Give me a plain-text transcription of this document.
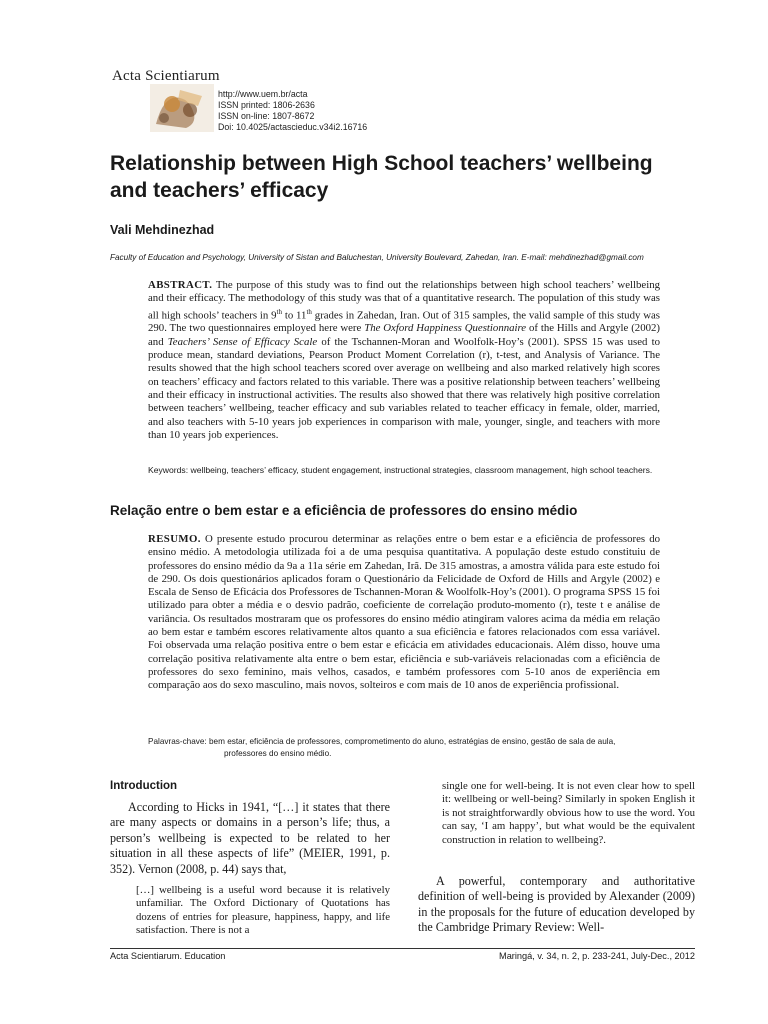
Acta Scientiarum
http://www.uem.br/acta
ISSN printed: 1806-2636
ISSN on-line: 1807-8672
Doi: 10.4025/actascieduc.v34i2.16716
Relationship between High School teachers’ wellbeing and teachers’ efficacy
Vali Mehdinezhad
Faculty of Education and Psychology, University of Sistan and Baluchestan, University Boulevard, Zahedan, Iran. E-mail: mehdinezhad@gmail.com
ABSTRACT. The purpose of this study was to find out the relationships between high school teachers’ wellbeing and their efficacy. The methodology of this study was that of a quantitative research. The population of this study was all high schools’ teachers in 9th to 11th grades in Zahedan, Iran. Out of 315 samples, the valid sample of this study was 290. The two questionnaires employed here were The Oxford Happiness Questionnaire of the Hills and Argyle (2002) and Teachers’ Sense of Efficacy Scale of the Tschannen-Moran and Woolfolk-Hoy’s (2001). SPSS 15 was used to produce mean, standard deviations, Pearson Product Moment Correlation (r), t-test, and Analysis of Variance. The results showed that the high school teachers scored over average on wellbeing and also marked relatively high scores on teachers’ efficacy and factors related to this variable. There was a positive relationship between teachers’ wellbeing and their efficacy in instructional activities. The results also showed that there was relatively high positive correlation between teachers’ wellbeing, teacher efficacy and sub variables related to teacher efficacy in female, older, married, and also teachers with 5-10 years job experiences in comparison with male, younger, single, and teachers with more than 10 years job experiences.
Keywords: wellbeing, teachers’ efficacy, student engagement, instructional strategies, classroom management, high school teachers.
Relação entre o bem estar e a eficiência de professores do ensino médio
RESUMO. O presente estudo procurou determinar as relações entre o bem estar e a eficiência de professores do ensino médio. A metodologia utilizada foi a de uma pesquisa quantitativa. A população deste estudo constituiu de professores do ensino médio da 9a a 11a série em Zahedan, Irã. De 315 amostras, a amostra válida para este estudo foi de 290. Os dois questionários aplicados foram o Questionário da Felicidade de Oxford de Hills and Argyle (2002) e Escala de Senso de Eficácia dos Professores de Tschannen-Moran & Woolfolk-Hoy’s (2001). O programa SPSS 15 foi utilizado para obter a média e o desvio padrão, coeficiente de correlação produto-momento (r), teste t e análise de variância. Os resultados mostraram que os professores do ensino médio atingiram valores acima da média em relação ao bem estar e também escores relativamente altos quanto a sua eficiência e fatores relacionados com essa variável. Foi observada uma relação positiva entre o bem estar e eficácia em atividades educacionais. Além disso, houve uma correlação positiva relativamente alta entre o bem estar, eficiência e sub-variáveis relacionadas com a eficiência de professores do sexo feminino, mais velhos, casados, e também professores com 5-10 anos de experiência em comparação aos do sexo masculino, mais novos, solteiros e com mais de 10 anos de experiência profissional.
Palavras-chave: bem estar, eficiência de professores, comprometimento do aluno, estratégias de ensino, gestão de sala de aula, professores do ensino médio.
Introduction
According to Hicks in 1941, “[…] it states that there are many aspects or domains in a person’s life; thus, a person’s wellbeing is expected to be related to her situation in all these aspects of life” (MEIER, 1991, p. 352). Vernon (2008, p. 44) says that,
[…] wellbeing is a useful word because it is relatively unfamiliar. The Oxford Dictionary of Quotations has dozens of entries for pleasure, happiness, happy, and life satisfaction. There is not a
single one for well-being. It is not even clear how to spell it: wellbeing or well-being? Similarly in spoken English it is not straightforwardly obvious how to use the word. You can say, ‘I am happy’, but what would be the equivalent construction in relation to wellbeing?.
A powerful, contemporary and authoritative definition of well-being is provided by Alexander (2009) in the proposals for the future of education developed by the Cambridge Primary Review: Well-
Acta Scientiarum. Education	Maringá, v. 34, n. 2, p. 233-241, July-Dec., 2012
